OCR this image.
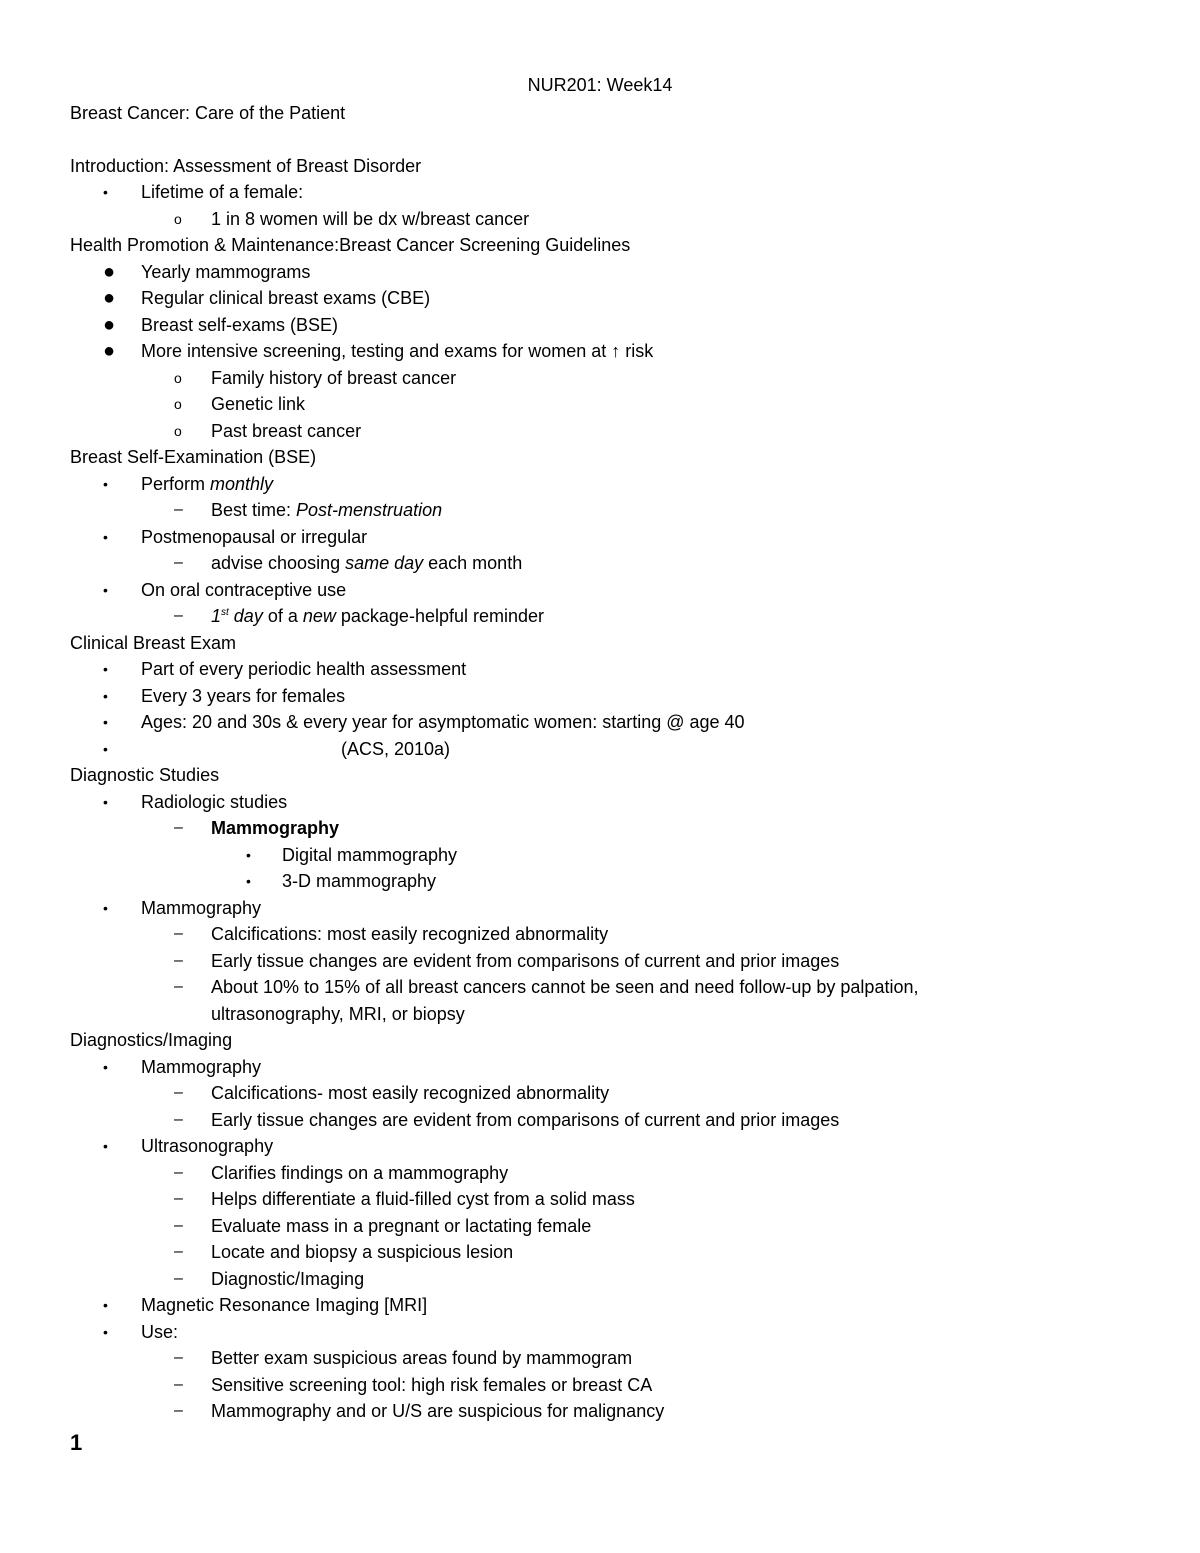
NUR201: Week14
Breast Cancer: Care of the Patient
Introduction: Assessment of Breast Disorder
•	Lifetime of a female:
o	1 in 8 women will be dx w/breast cancer
Health Promotion & Maintenance:Breast Cancer Screening Guidelines
●	Yearly mammograms
●	Regular clinical breast exams (CBE)
●	Breast self-exams (BSE)
●	More intensive screening, testing and exams for women at ↑ risk
o	Family history of breast cancer
o	Genetic link
o	Past breast cancer
Breast Self-Examination (BSE)
•	Perform monthly
–	Best time: Post-menstruation
•	Postmenopausal or irregular
–	advise choosing same day each month
•	On oral contraceptive use
–	1st day of a new package-helpful reminder
Clinical Breast Exam
•	Part of every periodic health assessment
•	Every 3 years for females
•	Ages: 20 and 30s & every year for asymptomatic women: starting @ age 40
•	(ACS, 2010a)
Diagnostic Studies
•	Radiologic studies
–	Mammography
•	Digital mammography
•	3-D mammography
•	Mammography
–	Calcifications: most easily recognized abnormality
–	Early tissue changes are evident from comparisons of current and prior images
–	About 10% to 15% of all breast cancers cannot be seen and need follow-up by palpation, ultrasonography, MRI, or biopsy
Diagnostics/Imaging
•	Mammography
–	Calcifications- most easily recognized abnormality
–	Early tissue changes are evident from comparisons of current and prior images
•	Ultrasonography
–	Clarifies findings on a mammography
–	Helps differentiate a fluid-filled cyst from a solid mass
–	Evaluate mass in a pregnant or lactating female
–	Locate and biopsy a suspicious lesion
–	Diagnostic/Imaging
•	Magnetic Resonance Imaging [MRI]
•	Use:
–	Better exam suspicious areas found by mammogram
–	Sensitive screening tool: high risk females or breast CA
–	Mammography and or U/S are suspicious for malignancy
1
